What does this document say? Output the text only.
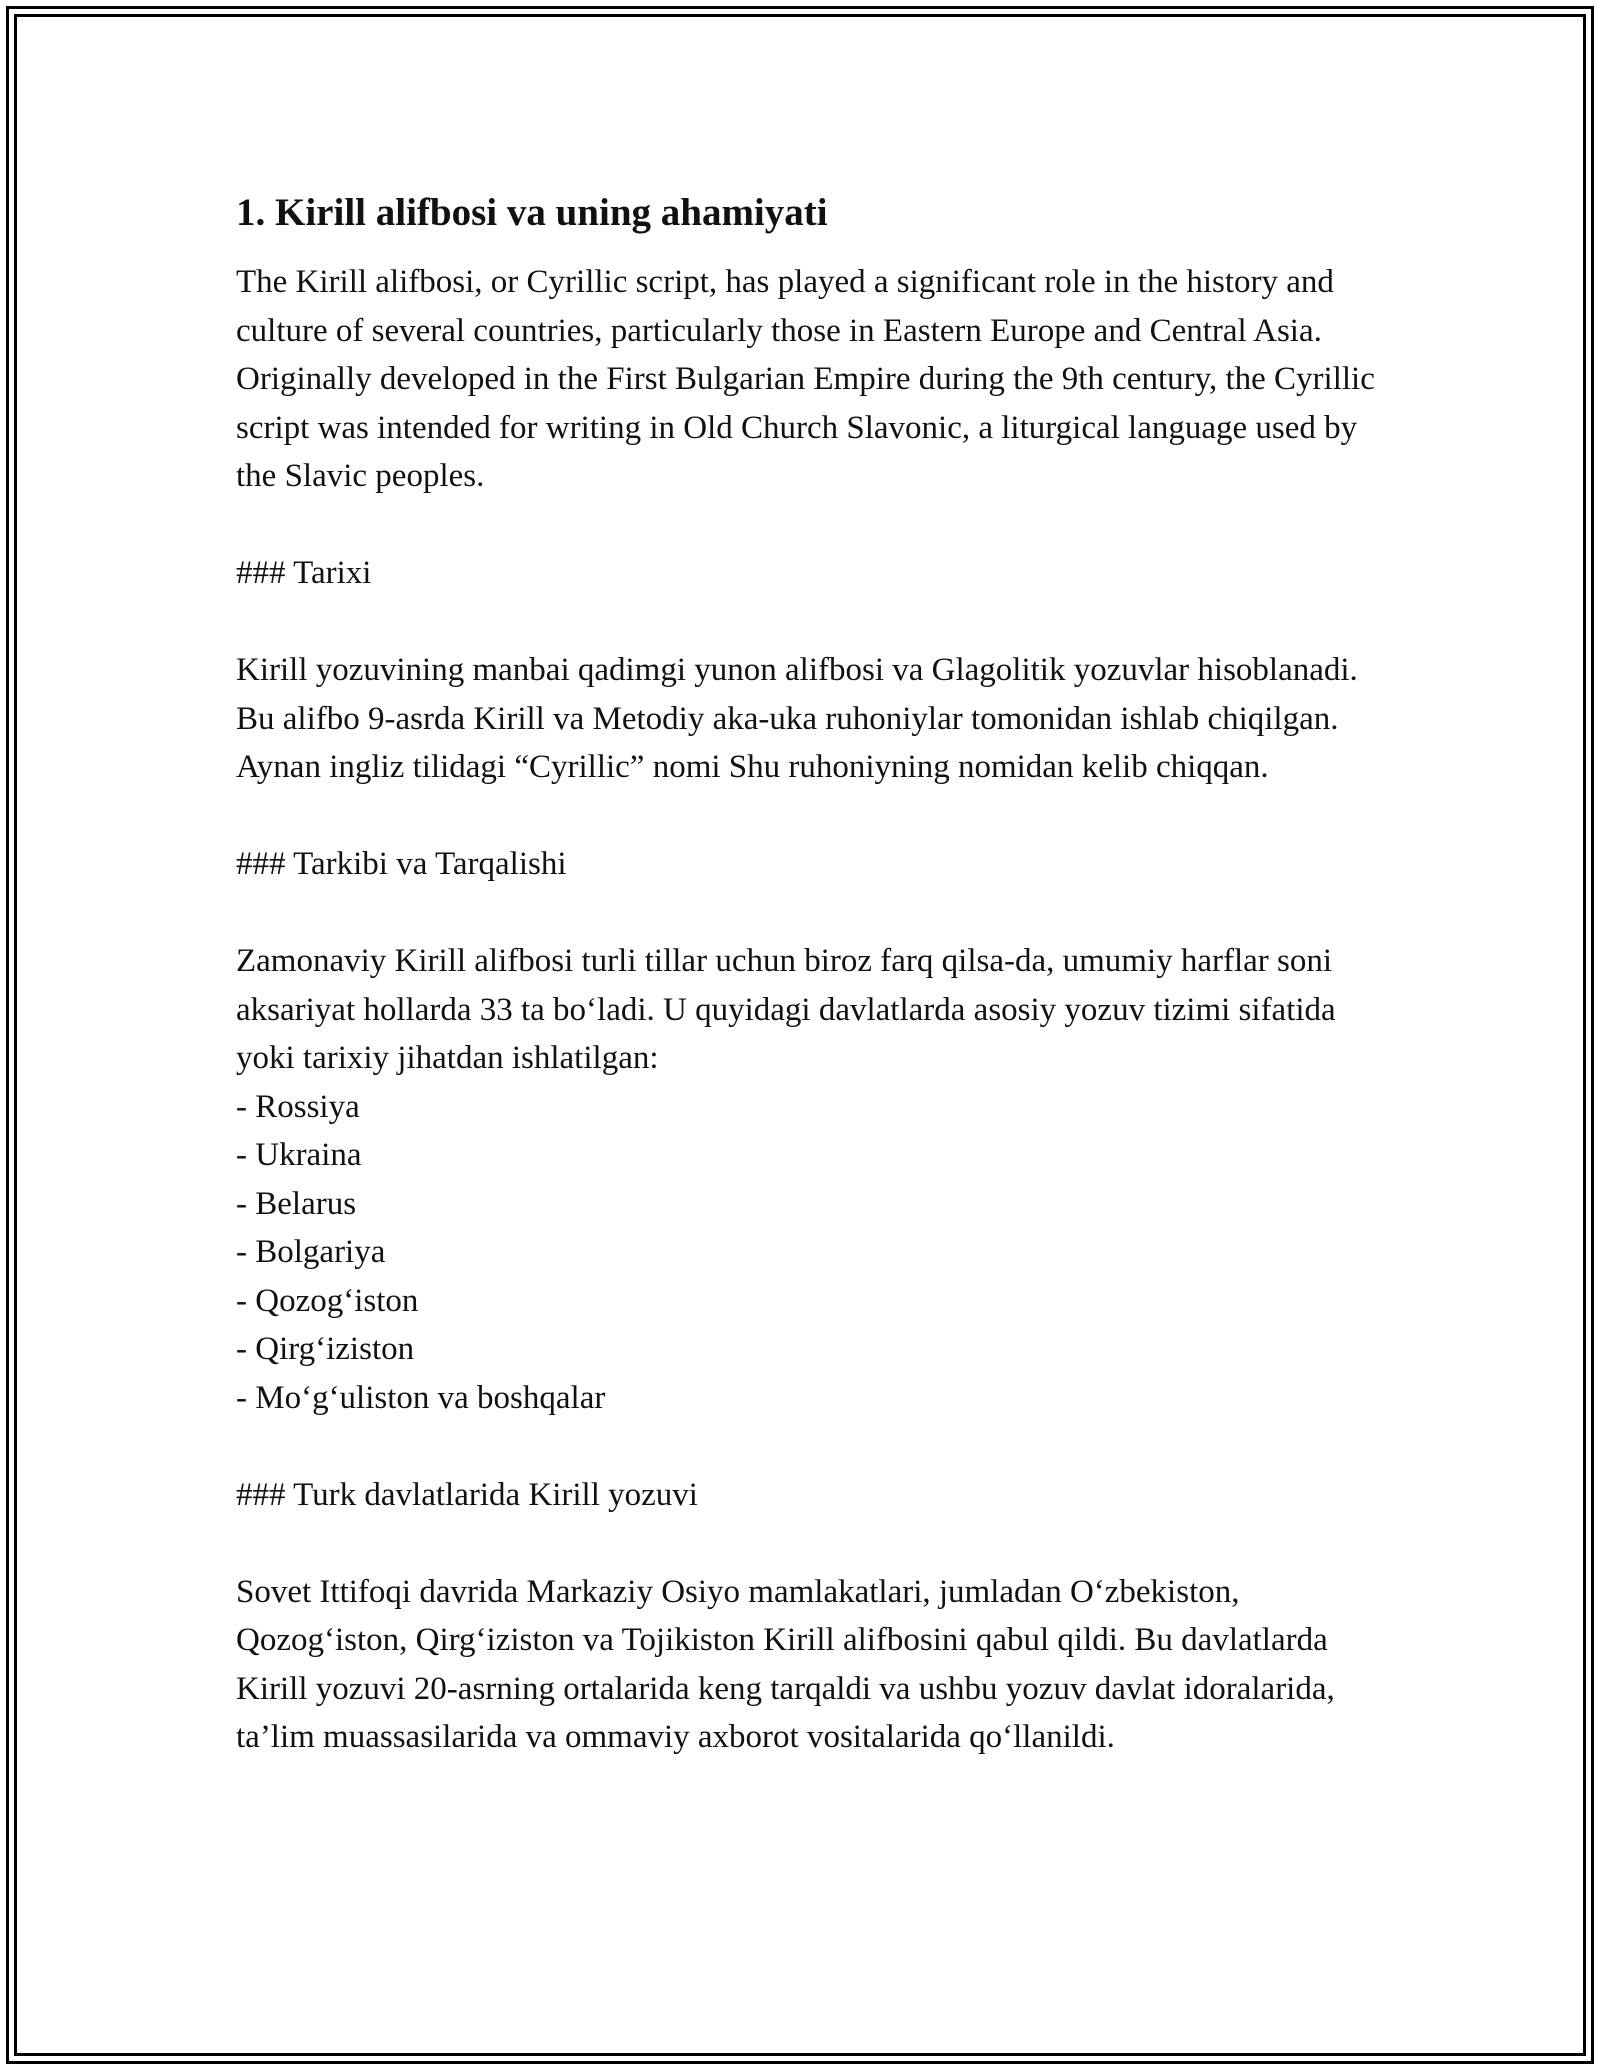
1. Kirill alifbosi va uning ahamiyati

The Kirill alifbosi, or Cyrillic script, has played a significant role in the history and culture of several countries, particularly those in Eastern Europe and Central Asia. Originally developed in the First Bulgarian Empire during the 9th century, the Cyrillic script was intended for writing in Old Church Slavonic, a liturgical language used by the Slavic peoples.

### Tarixi

Kirill yozuvining manbai qadimgi yunon alifbosi va Glagolitik yozuvlar hisoblanadi. Bu alifbo 9-asrda Kirill va Metodiy aka-uka ruhoniylar tomonidan ishlab chiqilgan. Aynan ingliz tilidagi “Cyrillic” nomi Shu ruhoniyning nomidan kelib chiqqan.

### Tarkibi va Tarqalishi

Zamonaviy Kirill alifbosi turli tillar uchun biroz farq qilsa-da, umumiy harflar soni aksariyat hollarda 33 ta bo‘ladi. U quyidagi davlatlarda asosiy yozuv tizimi sifatida yoki tarixiy jihatdan ishlatilgan:

- Rossiya
- Ukraina
- Belarus
- Bolgariya
- Qozog‘iston
- Qirg‘iziston
- Mo‘g‘uliston va boshqalar

### Turk davlatlarida Kirill yozuvi

Sovet Ittifoqi davrida Markaziy Osiyo mamlakatlari, jumladan O‘zbekiston, Qozog‘iston, Qirg‘iziston va Tojikiston Kirill alifbosini qabul qildi. Bu davlatlarda Kirill yozuvi 20-asrning ortalarida keng tarqaldi va ushbu yozuv davlat idoralarida, ta’lim muassasilarida va ommaviy axborot vositalarida qo‘llanildi.
